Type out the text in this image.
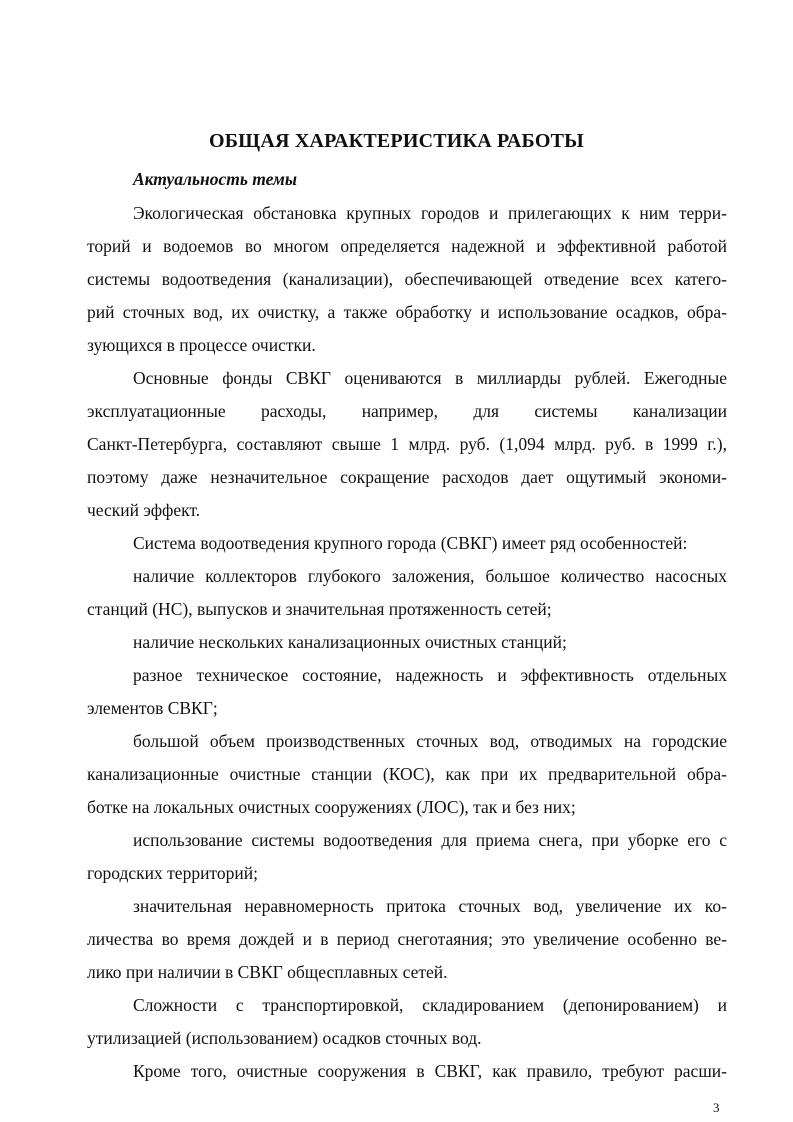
ОБЩАЯ ХАРАКТЕРИСТИКА РАБОТЫ
Актуальность темы
Экологическая обстановка крупных городов и прилегающих к ним терри-
торий и водоемов во многом определяется надежной и эффективной работой
системы водоотведения (канализации), обеспечивающей отведение всех катего-
рий сточных вод, их очистку, а также обработку и использование осадков, обра-
зующихся в процессе очистки.
Основные фонды СВКГ оцениваются в миллиарды рублей. Ежегодные
эксплуатационные расходы, например, для системы канализации
Санкт-Петербурга, составляют свыше 1 млрд. руб. (1,094 млрд. руб. в 1999 г.),
поэтому даже незначительное сокращение расходов дает ощутимый экономи-
ческий эффект.
Система водоотведения крупного города (СВКГ) имеет ряд особенностей:
наличие коллекторов глубокого заложения, большое количество насосных
станций (НС), выпусков и значительная протяженность сетей;
наличие нескольких канализационных очистных станций;
разное техническое состояние, надежность и эффективность отдельных
элементов СВКГ;
большой объем производственных сточных вод, отводимых на городские
канализационные очистные станции (КОС), как при их предварительной обра-
ботке на локальных очистных сооружениях (ЛОС), так и без них;
использование системы водоотведения для приема снега, при уборке его с
городских территорий;
значительная неравномерность притока сточных вод, увеличение их ко-
личества во время дождей и в период снеготаяния; это увеличение особенно ве-
лико при наличии в СВКГ общесплавных сетей.
Сложности с транспортировкой, складированием (депонированием) и
утилизацией (использованием) осадков сточных вод.
Кроме того, очистные сооружения в СВКГ, как правило, требуют расши-
3
